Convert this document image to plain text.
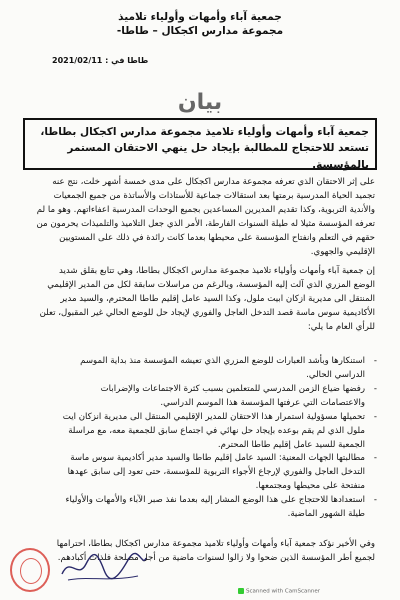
جمعية آباء وأمهات وأولياء تلاميذ
مجموعة مدارس اكجكال – طاطا-
طاطا في : 2021/02/11
بيان
جمعية آباء وأمهات وأولياء تلاميذ مجموعة مدارس اكجكال بطاطا، تستعد للاحتجاج للمطالبة بإيجاد حل ينهي الاحتقان المستمر بالمؤسسة.
على إثر الاحتقان الذي تعرفه مجموعة مدارس اكجكال على مدى خمسة أشهر خلت، نتج عنه تجميد الحياة المدرسية برمتها بعد استقالات جماعية للأستاذات والأساتذة من جميع الجمعيات والأندية التربوية، وكذا تقديم المديرين المساعدين بجميع الوحدات المدرسية اعفاءاتهم. وهو ما لم تعرفه المؤسسة مثيلا له طيلة السنوات الفارطة، الأمر الذي جعل التلاميذ والتلميذات يحرمون من حقهم في التعلم وانفتاح المؤسسة على محيطها بعدما كانت رائدة في ذلك على المستويين الإقليمي والجهوي.
إن جمعية آباء وأمهات وأولياء تلاميذ مجموعة مدارس اكجكال بطاطا، وهي تتابع بقلق شديد الوضع المزري الذي آلت إليه المؤسسة، وبالرغم من مراسلات سابقة لكل من المدير الإقليمي المنتقل الى مديرية ازكان ابيت ملول، وكذا السيد عامل إقليم طاطا المحترم، والسيد مدير الأكاديمية سوس ماسة قصد التدخل العاجل والفوري لإيجاد حل للوضع الحالي غير المقبول، تعلن للرأي العام ما يلي:
-
استنكارها وبأشد العبارات للوضع المزري الذي تعيشه المؤسسة منذ بداية الموسم الدراسي الحالي.
-
رفضها ضياع الزمن المدرسي للمتعلمين بسبب كثرة الاجتماعات والإضرابات والاعتصامات التي عرفتها المؤسسة هذا الموسم الدراسي.
-
تحميلها مسؤولية استمرار هذا الاحتقان للمدير الإقليمي المنتقل الى مديرية انزكان ايت ملول الذي لم يقم بوعده بإيجاد حل نهائي في اجتماع سابق للجمعية معه، مع مراسلة الجمعية للسيد عامل إقليم طاطا المحترم.
-
مطالبتها الجهات المعنية: السيد عامل إقليم طاطا والسيد مدير أكاديمية سوس ماسة التدخل العاجل والفوري لإرجاع الأجواء التربوية للمؤسسة، حتى تعود إلى سابق عهدها منفتحة على محيطها ومجتمعها.
-
استعدادها للاحتجاج على هذا الوضع المشار إليه بعدما نفذ صبر الآباء والأمهات والأولياء طيلة الشهور الماضية.
وفي الأخير نؤكد جمعية آباء وأمهات وأولياء تلاميذ مجموعة مدارس اكجكال بطاطا، احترامها لجميع أطر المؤسسة الذين ضحوا ولا زالوا لسنوات ماضية من أجل مصلحة فلذات أكبادهم.
Scanned with CamScanner
